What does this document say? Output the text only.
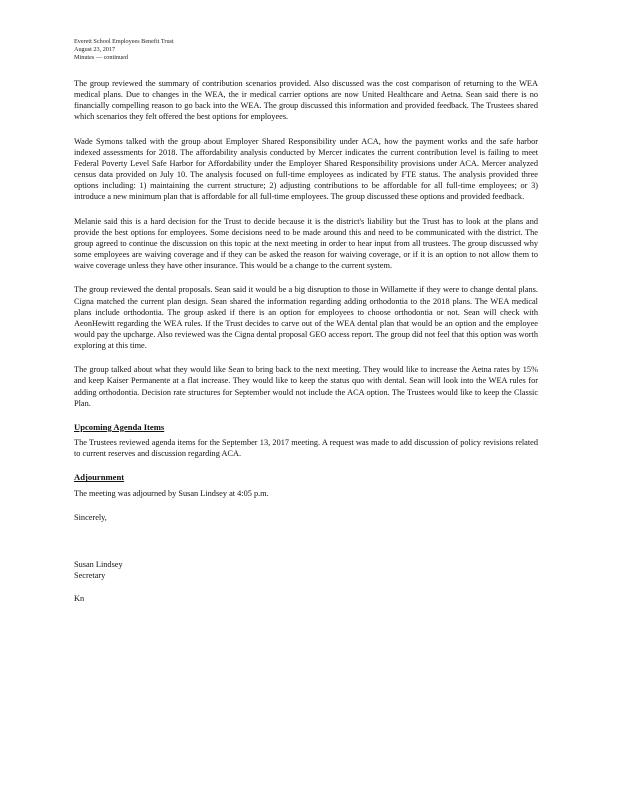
Everett School Employees Benefit Trust
August 23, 2017
Minutes — continued

The group reviewed the summary of contribution scenarios provided. Also discussed was the cost comparison of returning to the WEA medical plans. Due to changes in the WEA, the ir medical carrier options are now United Healthcare and Aetna. Sean said there is no financially compelling reason to go back into the WEA. The group discussed this information and provided feedback. The Trustees shared which scenarios they felt offered the best options for employees.

Wade Symons talked with the group about Employer Shared Responsibility under ACA, how the payment works and the safe harbor indexed assessments for 2018. The affordability analysis conducted by Mercer indicates the current contribution level is failing to meet Federal Poverty Level Safe Harbor for Affordability under the Employer Shared Responsibility provisions under ACA. Mercer analyzed census data provided on July 10. The analysis focused on full-time employees as indicated by FTE status. The analysis provided three options including: 1) maintaining the current structure; 2) adjusting contributions to be affordable for all full-time employees; or 3) introduce a new minimum plan that is affordable for all full-time employees. The group discussed these options and provided feedback.

Melanie said this is a hard decision for the Trust to decide because it is the district's liability but the Trust has to look at the plans and provide the best options for employees. Some decisions need to be made around this and need to be communicated with the district. The group agreed to continue the discussion on this topic at the next meeting in order to hear input from all trustees. The group discussed why some employees are waiving coverage and if they can be asked the reason for waiving coverage, or if it is an option to not allow them to waive coverage unless they have other insurance. This would be a change to the current system.

The group reviewed the dental proposals. Sean said it would be a big disruption to those in Willamette if they were to change dental plans. Cigna matched the current plan design. Sean shared the information regarding adding orthodontia to the 2018 plans. The WEA medical plans include orthodontia. The group asked if there is an option for employees to choose orthodontia or not. Sean will check with AeonHewitt regarding the WEA rules. If the Trust decides to carve out of the WEA dental plan that would be an option and the employee would pay the upcharge. Also reviewed was the Cigna dental proposal GEO access report. The group did not feel that this option was worth exploring at this time.

The group talked about what they would like Sean to bring back to the next meeting. They would like to increase the Aetna rates by 15% and keep Kaiser Permanente at a flat increase. They would like to keep the status quo with dental. Sean will look into the WEA rules for adding orthodontia. Decision rate structures for September would not include the ACA option. The Trustees would like to keep the Classic Plan.

Upcoming Agenda Items

The Trustees reviewed agenda items for the September 13, 2017 meeting. A request was made to add discussion of policy revisions related to current reserves and discussion regarding ACA.

Adjournment

The meeting was adjourned by Susan Lindsey at 4:05 p.m.

Sincerely,

Susan Lindsey

Secretary

Kn
